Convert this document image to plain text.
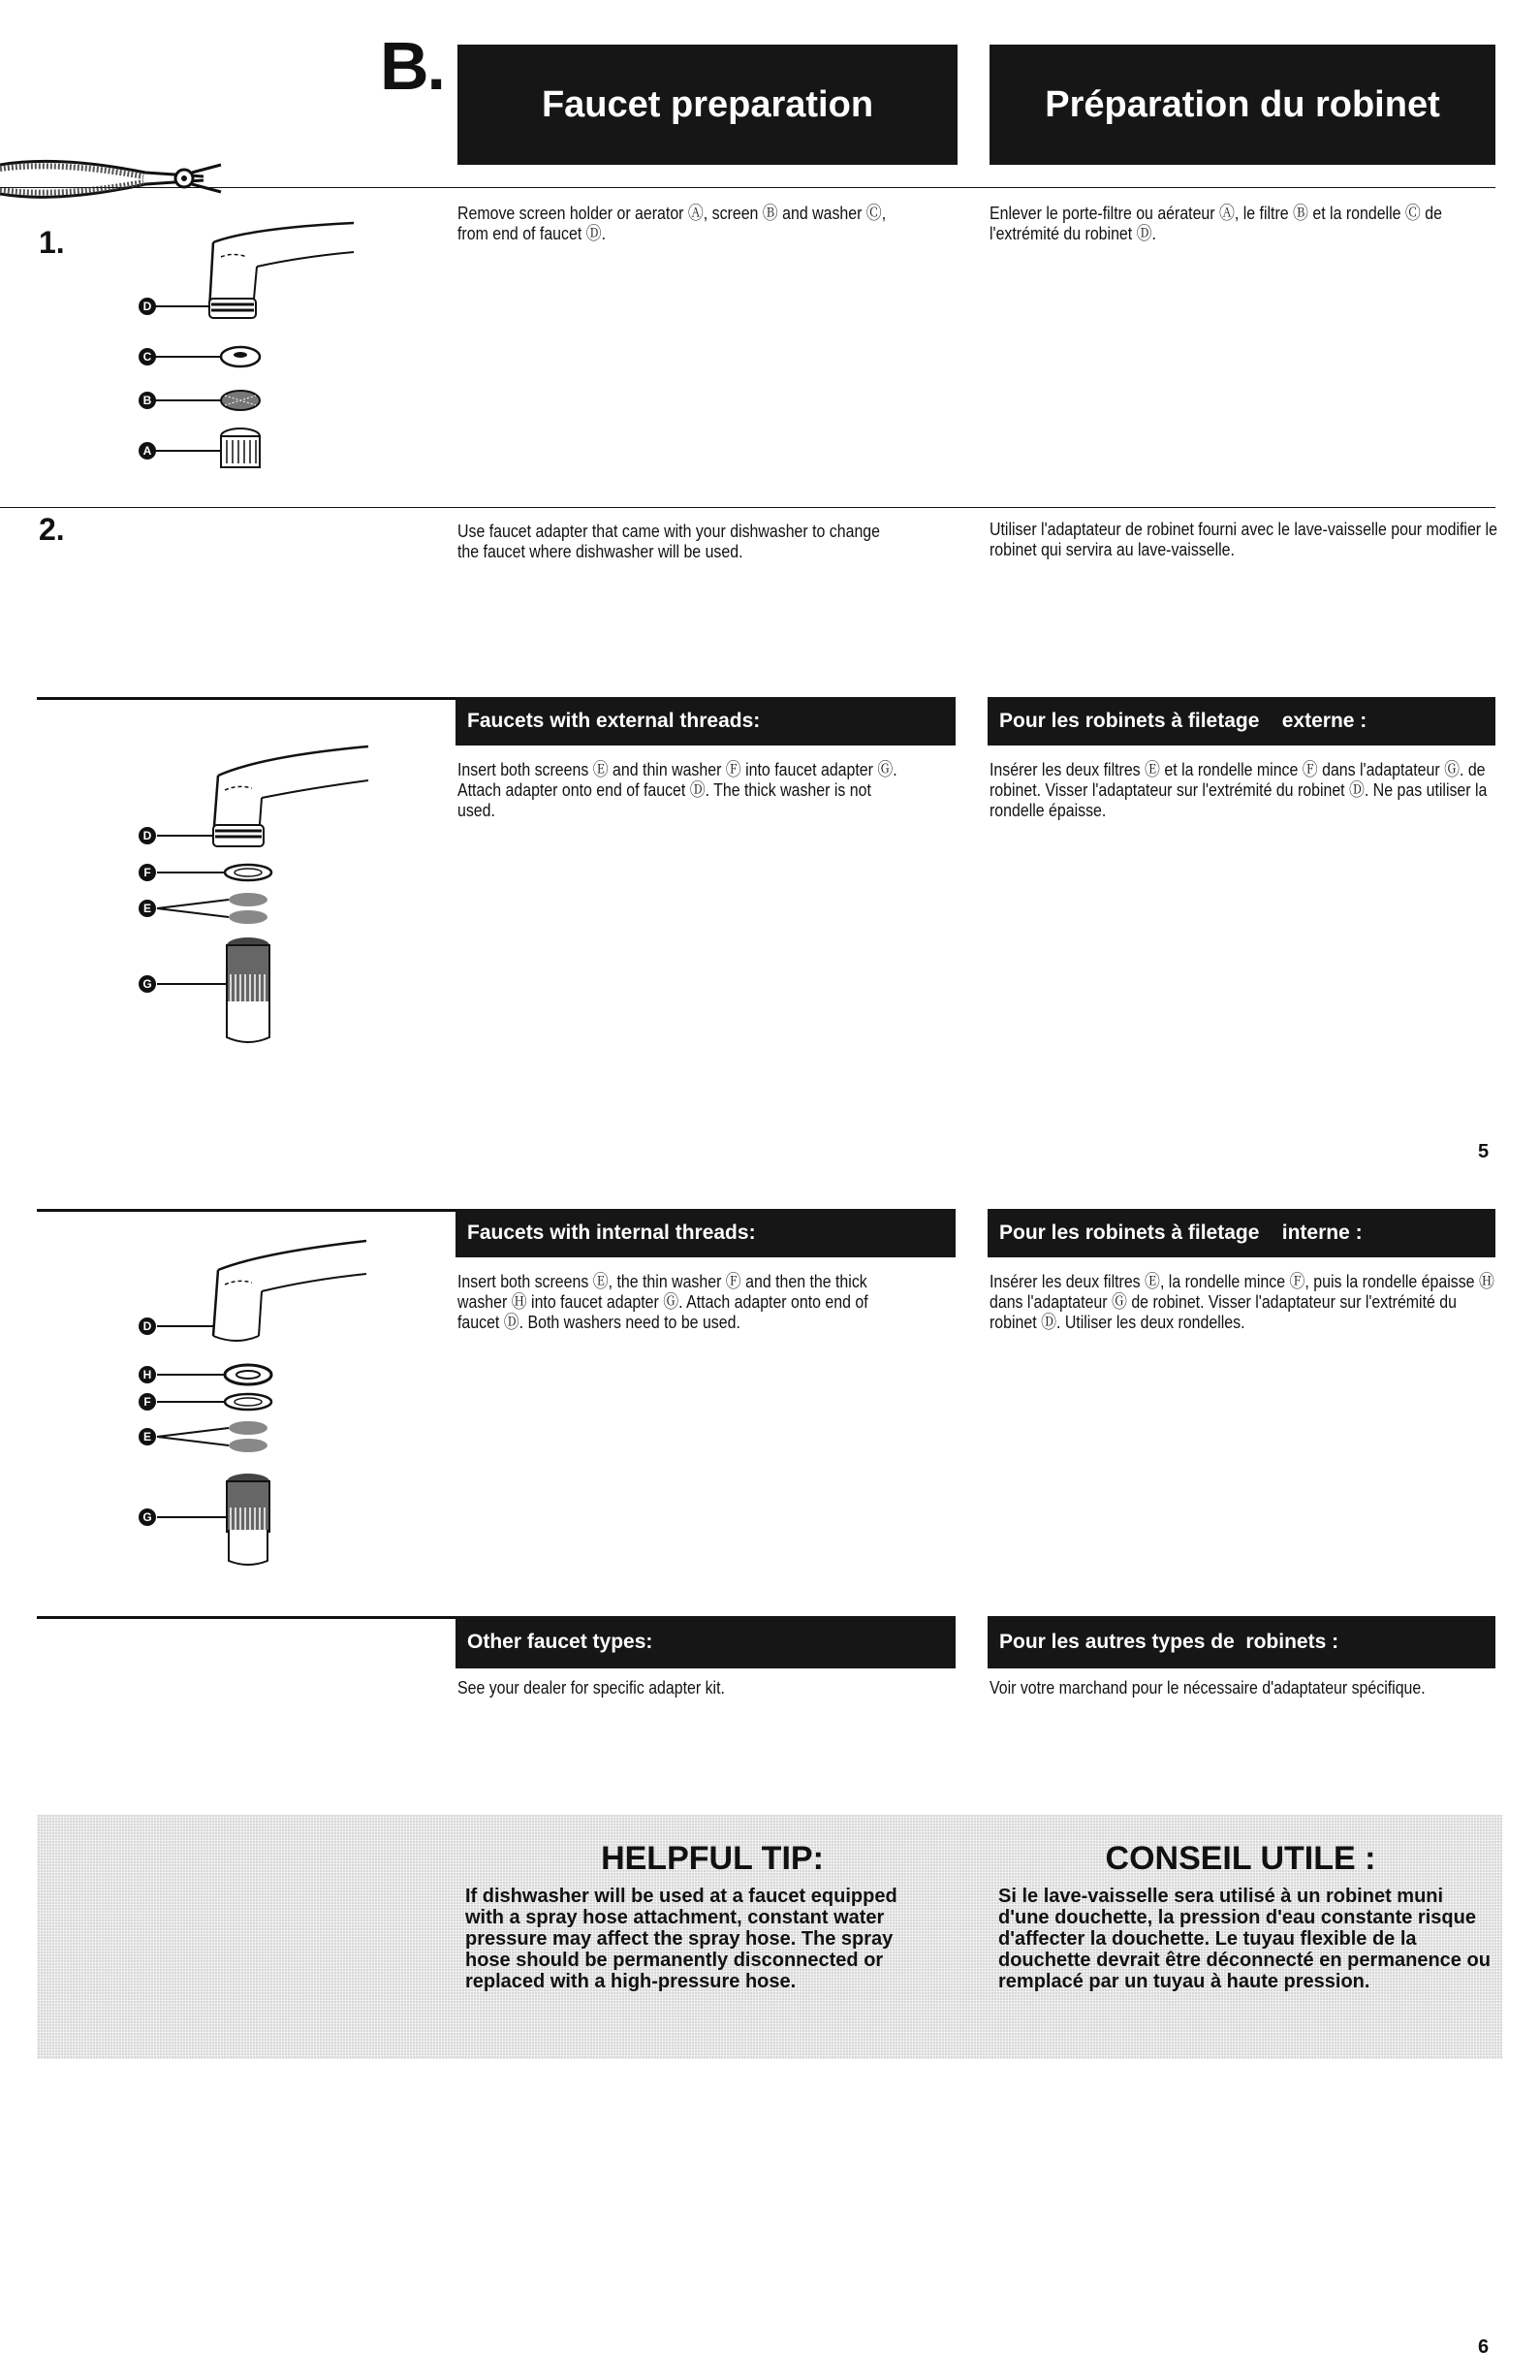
B.
Faucet preparation	Préparation du robinet
1.
Remove screen holder or aerator Ⓐ, screen Ⓑ and washer Ⓒ, from end of faucet Ⓓ.
Enlever le porte-filtre ou aérateur Ⓐ, le filtre Ⓑ et la rondelle Ⓒ de l'extrémité du robinet Ⓓ.
D
C
B
A
2.	Use faucet adapter that came with your dishwasher to change the faucet where dishwasher will be used.
Utiliser l'adaptateur de robinet fourni avec le lave-vaisselle pour modifier le robinet qui servira au lave-vaisselle.
Faucets with external threads:	Pour les robinets à filetage    externe :
Insert both screens Ⓔ and thin washer Ⓕ into faucet adapter Ⓖ. Attach adapter onto end of faucet Ⓓ. The thick washer is not used.
Insérer les deux filtres Ⓔ et la rondelle mince Ⓕ dans l'adaptateur Ⓖ. de robinet. Visser l'adaptateur sur l'extrémité du robinet Ⓓ. Ne pas utiliser la rondelle épaisse.
D
F
E
G
5
Faucets with internal threads:	Pour les robinets à filetage    interne :
Insert both screens Ⓔ, the thin washer Ⓕ and then the thick washer Ⓗ into faucet adapter Ⓖ. Attach adapter onto end of faucet Ⓓ. Both washers need to be used.
Insérer les deux filtres Ⓔ, la rondelle mince Ⓕ, puis la rondelle épaisse Ⓗ dans l'adaptateur Ⓖ de robinet. Visser l'adaptateur sur l'extrémité du robinet Ⓓ. Utiliser les deux rondelles.
D
H
F
E
G
Other faucet types:	Pour les autres types de  robinets :
See your dealer for specific adapter kit.	Voir votre marchand pour le nécessaire d'adaptateur spécifique.
HELPFUL TIP:
If dishwasher will be used at a faucet equipped with a spray hose attachment, constant water pressure may affect the spray hose. The spray hose should be permanently disconnected or replaced with a high-pressure hose.
CONSEIL UTILE :
Si le lave-vaisselle sera utilisé à un robinet muni d'une douchette, la pression d'eau constante risque d'affecter la douchette. Le tuyau flexible de la douchette devrait être déconnecté en permanence ou remplacé par un tuyau à haute pression.
6
